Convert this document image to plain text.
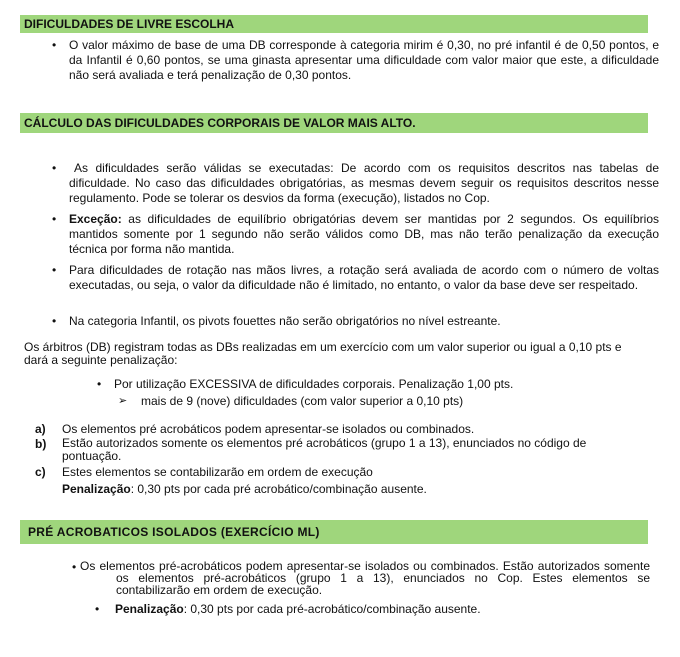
DIFICULDADES DE LIVRE ESCOLHA
• O valor máximo de base de uma DB corresponde à categoria mirim é 0,30, no pré infantil é de 0,50 pontos, e da Infantil é 0,60 pontos, se uma ginasta apresentar uma dificuldade com valor maior que este, a dificuldade não será avaliada e terá penalização de 0,30 pontos.
CÁLCULO DAS DIFICULDADES CORPORAIS DE VALOR MAIS ALTO.
•	As dificuldades serão válidas se executadas: De acordo com os requisitos descritos nas tabelas de dificuldade. No caso das dificuldades obrigatórias, as mesmas devem seguir os requisitos descritos nesse regulamento. Pode se tolerar os desvios da forma (execução), listados no Cop.
• Exceção: as dificuldades de equilíbrio obrigatórias devem ser mantidas por 2 segundos. Os equilíbrios mantidos somente por 1 segundo não serão válidos como DB, mas não terão penalização da execução técnica por forma não mantida.
• Para dificuldades de rotação nas mãos livres, a rotação será avaliada de acordo com o número de voltas executadas, ou seja, o valor da dificuldade não é limitado, no entanto, o valor da base deve ser respeitado.
• Na categoria Infantil, os pivots fouettes não serão obrigatórios no nível estreante.
Os árbitros (DB) registram todas as DBs realizadas em um exercício com um valor superior ou igual a 0,10 pts e dará a seguinte penalização:
• Por utilização EXCESSIVA de dificuldades corporais. Penalização 1,00 pts.
➢ mais de 9 (nove) dificuldades (com valor superior a 0,10 pts)
a) Os elementos pré acrobáticos podem apresentar-se isolados ou combinados.
b)	Estão autorizados somente os elementos pré acrobáticos (grupo 1 a 13), enunciados no código de pontuação.
c) Estes elementos se contabilizarão em ordem de execução
Penalização: 0,30 pts por cada pré acrobático/combinação ausente.
PRÉ ACROBATICOS ISOLADOS (EXERCÍCIO ML)
• Os elementos pré-acrobáticos podem apresentar-se isolados ou combinados. Estão autorizados somente os elementos pré-acrobáticos (grupo 1 a 13), enunciados no Cop. Estes elementos se contabilizarão em ordem de execução.
• Penalização: 0,30 pts por cada pré-acrobático/combinação ausente.
